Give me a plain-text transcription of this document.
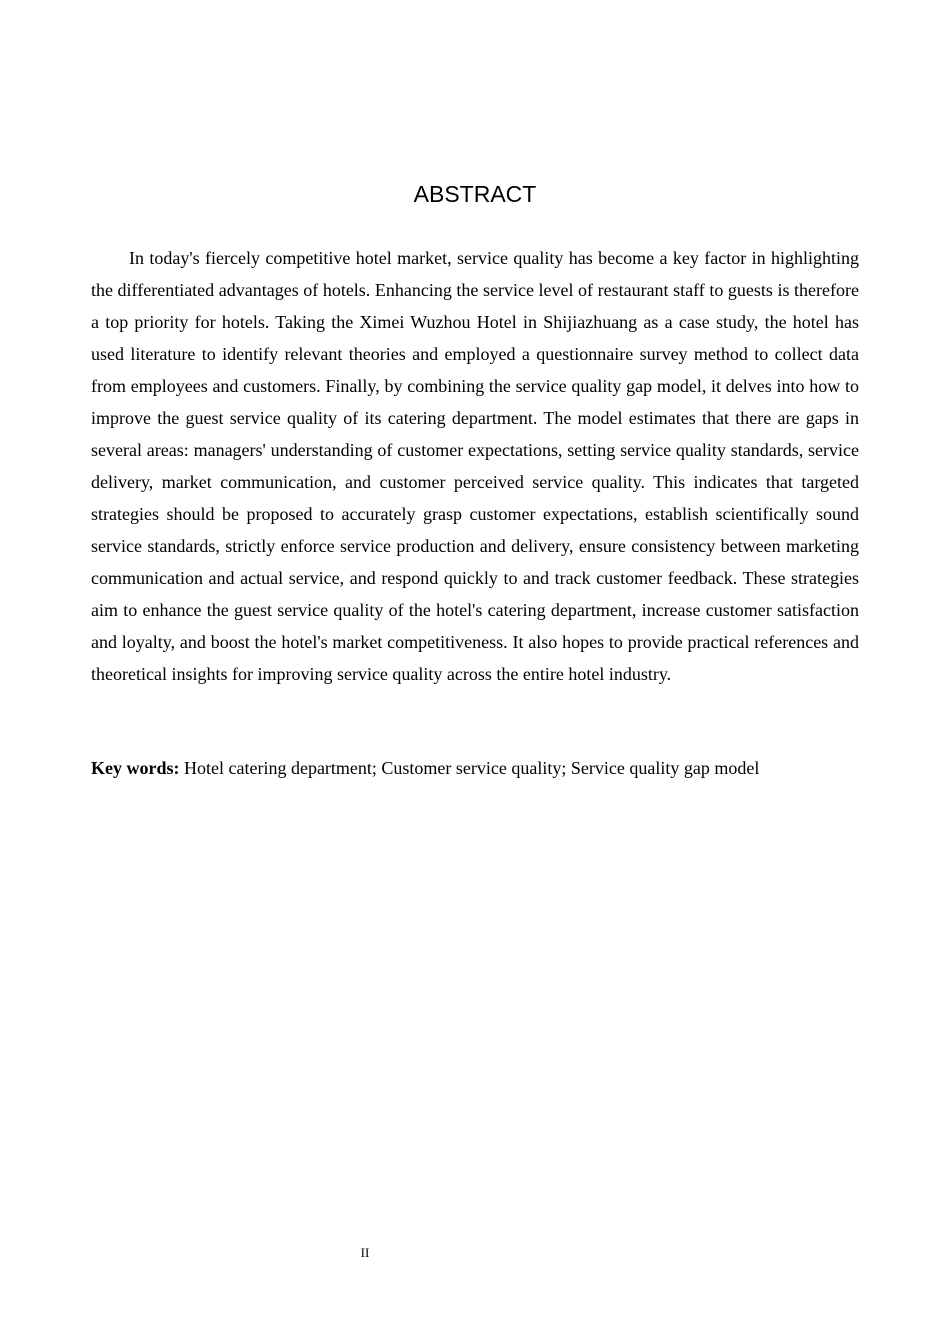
ABSTRACT

In today's fiercely competitive hotel market, service quality has become a key factor in highlighting the differentiated advantages of hotels. Enhancing the service level of restaurant staff to guests is therefore a top priority for hotels. Taking the Ximei Wuzhou Hotel in Shijiazhuang as a case study, the hotel has used literature to identify relevant theories and employed a questionnaire survey method to collect data from employees and customers. Finally, by combining the service quality gap model, it delves into how to improve the guest service quality of its catering department. The model estimates that there are gaps in several areas: managers' understanding of customer expectations, setting service quality standards, service delivery, market communication, and customer perceived service quality. This indicates that targeted strategies should be proposed to accurately grasp customer expectations, establish scientifically sound service standards, strictly enforce service production and delivery, ensure consistency between marketing communication and actual service, and respond quickly to and track customer feedback. These strategies aim to enhance the guest service quality of the hotel's catering department, increase customer satisfaction and loyalty, and boost the hotel's market competitiveness. It also hopes to provide practical references and theoretical insights for improving service quality across the entire hotel industry.

Key words: Hotel catering department; Customer service quality; Service quality gap model

II
